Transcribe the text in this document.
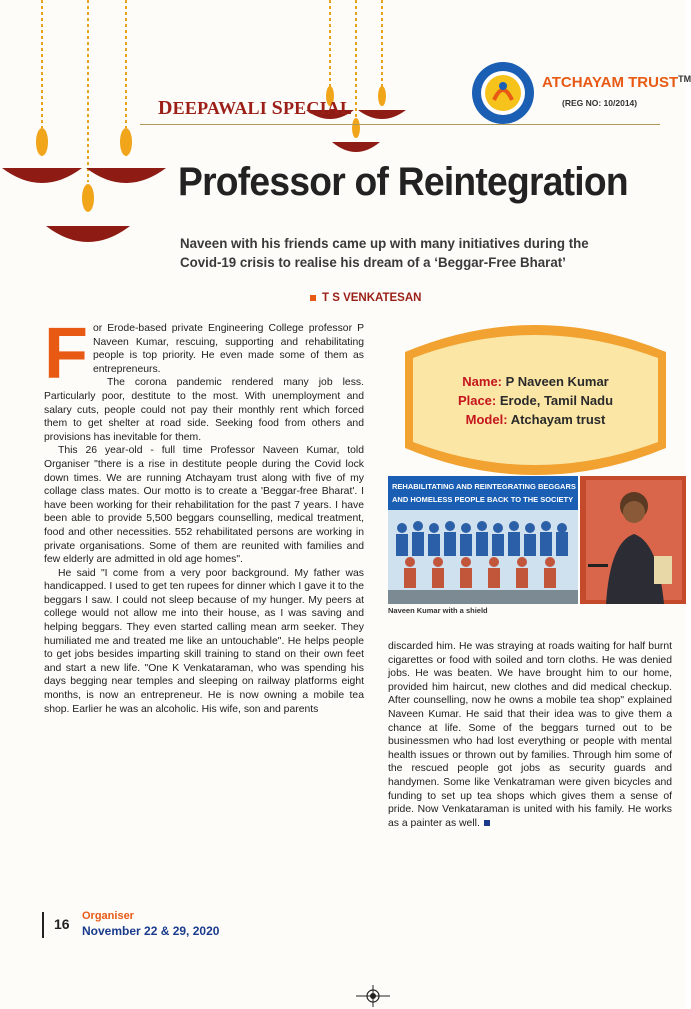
DEEPAWALI SPECIAL
ATCHAYAM TRUST™
(REG NO: 10/2014)
Professor of Reintegration
Naveen with his friends came up with many initiatives during the Covid-19 crisis to realise his dream of a ‘Beggar-Free Bharat’
T S VENKATESAN
F or Erode-based private Engineering College professor P Naveen Kumar, rescuing, supporting and rehabilitating people is top priority. He even made some of them as entrepreneurs.

The corona pandemic rendered many job less. Particularly poor, destitute to the most. With unemployment and salary cuts, people could not pay their monthly rent which forced them to get shelter at road side. Seeking food from others and provisions has inevitable for them.

This 26 year-old - full time Professor Naveen Kumar, told Organiser "there is a rise in destitute people during the Covid lock down times. We are running Atchayam trust along with five of my collage class mates. Our motto is to create a 'Beggar-free Bharat'. I have been working for their rehabilitation for the past 7 years. I have been able to provide 5,500 beggars counselling, medical treatment, food and other necessities. 552 rehabilitated persons are working in private organisations. Some of them are reunited with families and few elderly are admitted in old age homes".

He said "I come from a very poor background. My father was handicapped. I used to get ten rupees for dinner which I gave it to the beggars I saw. I could not sleep because of my hunger. My peers at college would not allow me into their house, as I was saving and helping beggars. They even started calling mean arm seeker. They humiliated me and treated me like an untouchable". He helps people to get jobs besides imparting skill training to stand on their own feet and start a new life. "One K Venkataraman, who was spending his days begging near temples and sleeping on railway platforms eight months, is now an entrepreneur. He is now owning a mobile tea shop. Earlier he was an alcoholic. His wife, son and parents

Name: P Naveen Kumar
Place: Erode, Tamil Nadu
Model: Atchayam trust
REHABILITATING AND REINTEGRATING BEGGARS
AND HOMELESS PEOPLE BACK TO THE SOCIETY
Naveen Kumar with a shield

discarded him. He was straying at roads waiting for half burnt cigarettes or food with soiled and torn cloths. He was denied jobs. He was beaten. We have brought him to our home, provided him haircut, new clothes and did medical checkup. After counselling, now he owns a mobile tea shop" explained Naveen Kumar. He said that their idea was to give them a chance at life. Some of the beggars turned out to be businessmen who had lost everything or people with mental health issues or thrown out by families. Through him some of the rescued people got jobs as security guards and handymen. Some like Venkatraman were given bicycles and funding to set up tea shops which gives them a sense of pride. Now Venkataraman is united with his family. He works as a painter as well.

16 Organiser
November 22 & 29, 2020
